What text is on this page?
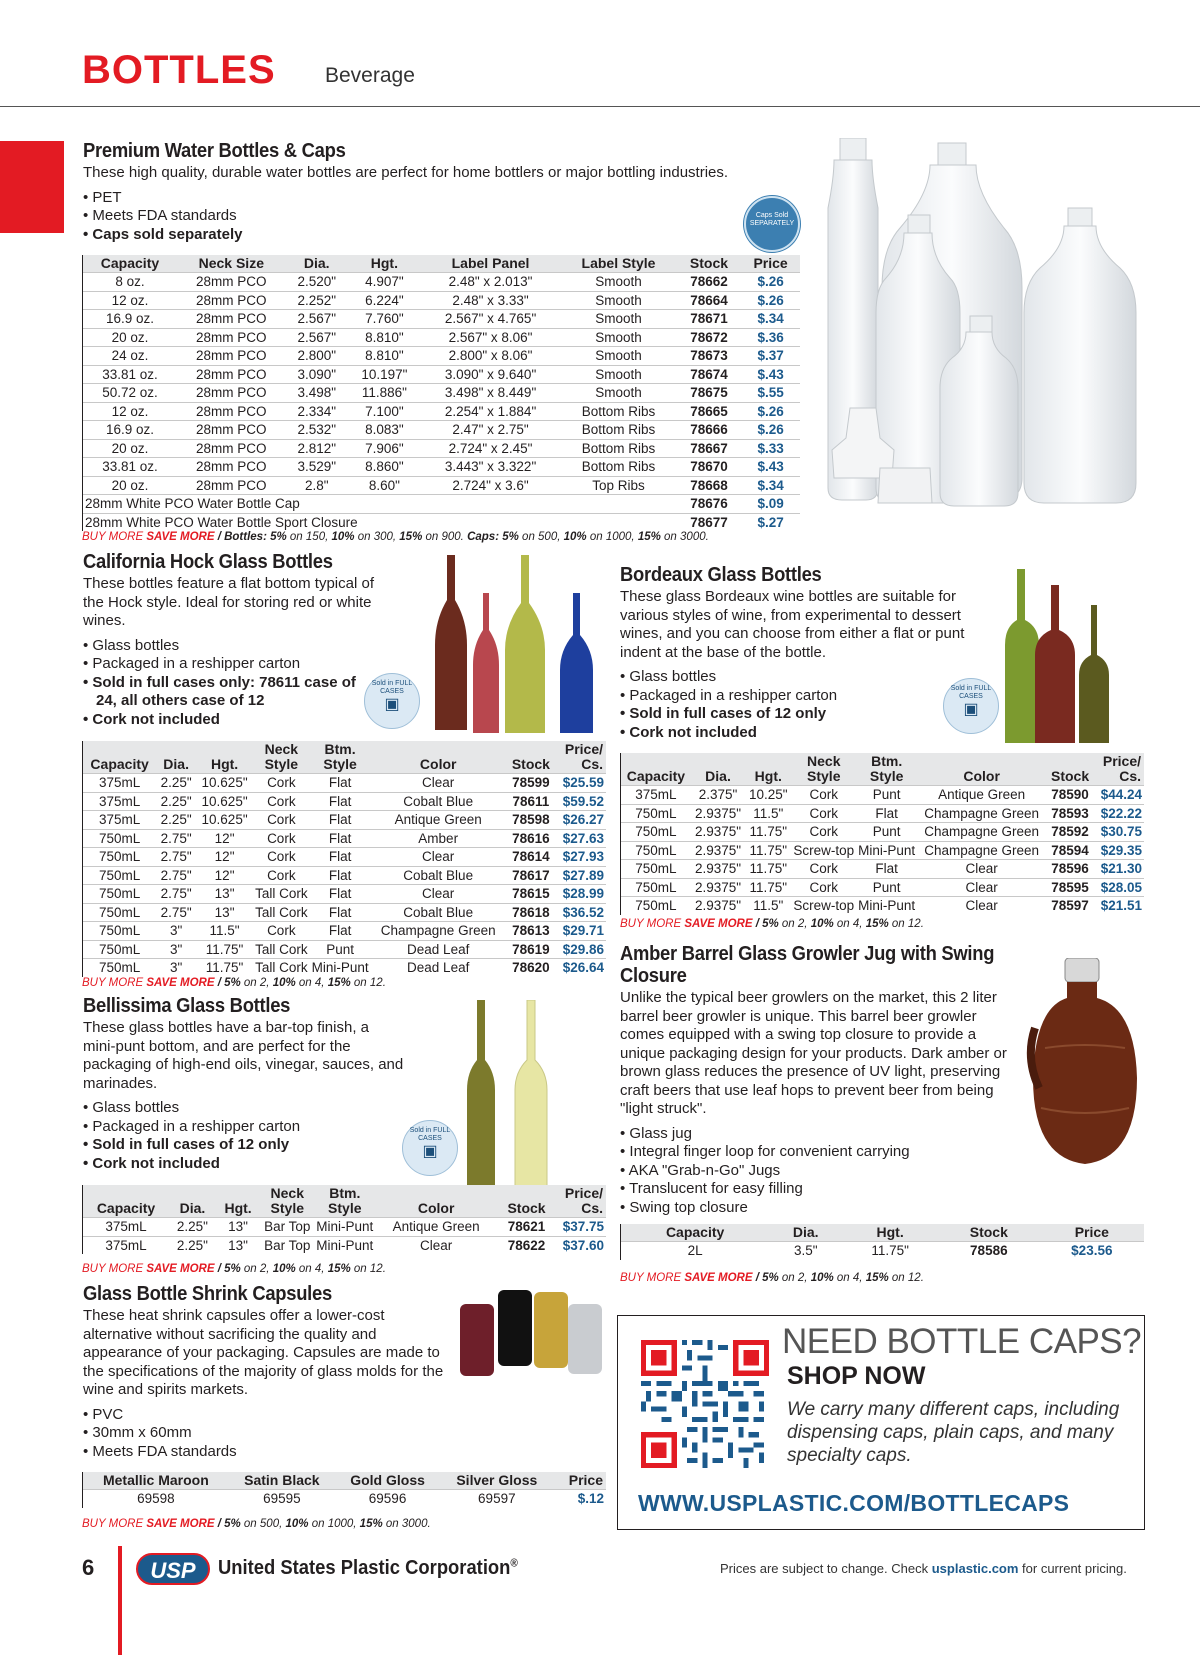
BOTTLES Beverage
Premium Water Bottles & Caps

These high quality, durable water bottles are perfect for home bottlers or major bottling industries.

• PET
• Meets FDA standards
• Caps sold separately
Caps Sold SEPARATELY
Capacity	Neck Size	Dia.	Hgt.	Label Panel	Label Style	Stock	Price
8 oz.	28mm PCO	2.520"	4.907"	2.48" x 2.013"	Smooth	78662	$.26
12 oz.	28mm PCO	2.252"	6.224"	2.48" x 3.33"	Smooth	78664	$.26
16.9 oz.	28mm PCO	2.567"	7.760"	2.567" x 4.765"	Smooth	78671	$.34
20 oz.	28mm PCO	2.567"	8.810"	2.567" x 8.06"	Smooth	78672	$.36
24 oz.	28mm PCO	2.800"	8.810"	2.800" x 8.06"	Smooth	78673	$.37
33.81 oz.	28mm PCO	3.090"	10.197"	3.090" x 9.640"	Smooth	78674	$.43
50.72 oz.	28mm PCO	3.498"	11.886"	3.498" x 8.449"	Smooth	78675	$.55
12 oz.	28mm PCO	2.334"	7.100"	2.254" x 1.884"	Bottom Ribs	78665	$.26
16.9 oz.	28mm PCO	2.532"	8.083"	2.47" x 2.75"	Bottom Ribs	78666	$.26
20 oz.	28mm PCO	2.812"	7.906"	2.724" x 2.45"	Bottom Ribs	78667	$.33
33.81 oz.	28mm PCO	3.529"	8.860"	3.443" x 3.322"	Bottom Ribs	78670	$.43
20 oz.	28mm PCO	2.8"	8.60"	2.724" x 3.6"	Top Ribs	78668	$.34
28mm White PCO Water Bottle Cap						78676	$.09
28mm White PCO Water Bottle Sport Closure						78677	$.27
BUY MORE SAVE MORE / Bottles: 5% on 150, 10% on 300, 15% on 900. Caps: 5% on 500, 10% on 1000, 15% on 3000.
California Hock Glass Bottles

These bottles feature a flat bottom typical of the Hock style. Ideal for storing red or white wines.

• Glass bottles
• Packaged in a reshipper carton
• Sold in full cases only: 78611 case of 24, all others case of 12
• Cork not included
Sold in FULL CASES
▣
Capacity	Dia.	Hgt.	Neck Style	Btm. Style	Color	Stock	Price/ Cs.
375mL	2.25"	10.625"	Cork	Flat	Clear	78599	$25.59
375mL	2.25"	10.625"	Cork	Flat	Cobalt Blue	78611	$59.52
375mL	2.25"	10.625"	Cork	Flat	Antique Green	78598	$26.27
750mL	2.75"	12"	Cork	Flat	Amber	78616	$27.63
750mL	2.75"	12"	Cork	Flat	Clear	78614	$27.93
750mL	2.75"	12"	Cork	Flat	Cobalt Blue	78617	$27.89
750mL	2.75"	13"	Tall Cork	Flat	Clear	78615	$28.99
750mL	2.75"	13"	Tall Cork	Flat	Cobalt Blue	78618	$36.52
750mL	3"	11.5"	Cork	Flat	Champagne Green	78613	$29.71
750mL	3"	11.75"	Tall Cork	Punt	Dead Leaf	78619	$29.86
750mL	3"	11.75"	Tall Cork	Mini-Punt	Dead Leaf	78620	$26.64
BUY MORE SAVE MORE / 5% on 2, 10% on 4, 15% on 12.
Bordeaux Glass Bottles

These glass Bordeaux wine bottles are suitable for various styles of wine, from experimental to dessert wines, and you can choose from either a flat or punt indent at the base of the bottle.

• Glass bottles
• Packaged in a reshipper carton
• Sold in full cases of 12 only
• Cork not included
Sold in FULL CASES
▣
Capacity	Dia.	Hgt.	Neck Style	Btm. Style	Color	Stock	Price/ Cs.
375mL	2.375"	10.25"	Cork	Punt	Antique Green	78590	$44.24
750mL	2.9375"	11.5"	Cork	Flat	Champagne Green	78593	$22.22
750mL	2.9375"	11.75"	Cork	Punt	Champagne Green	78592	$30.75
750mL	2.9375"	11.75"	Screw-top	Mini-Punt	Champagne Green	78594	$29.35
750mL	2.9375"	11.75"	Cork	Flat	Clear	78596	$21.30
750mL	2.9375"	11.75"	Cork	Punt	Clear	78595	$28.05
750mL	2.9375"	11.5"	Screw-top	Mini-Punt	Clear	78597	$21.51
BUY MORE SAVE MORE / 5% on 2, 10% on 4, 15% on 12.
Amber Barrel Glass Growler Jug with Swing Closure

Unlike the typical beer growlers on the market, this 2 liter barrel beer growler is unique. This barrel beer growler comes equipped with a swing top closure to provide a unique packaging design for your products. Dark amber or brown glass reduces the presence of UV light, preserving craft beers that use leaf hops to prevent beer from being "light struck".

• Glass jug
• Integral finger loop for convenient carrying
• AKA "Grab-n-Go" Jugs
• Translucent for easy filling
• Swing top closure
Capacity	Dia.	Hgt.	Stock	Price
2L	3.5"	11.75"	78586	$23.56
BUY MORE SAVE MORE / 5% on 2, 10% on 4, 15% on 12.
Bellissima Glass Bottles

These glass bottles have a bar-top finish, a mini-punt bottom, and are perfect for the packaging of high-end oils, vinegar, sauces, and marinades.

• Glass bottles
• Packaged in a reshipper carton
• Sold in full cases of 12 only
• Cork not included
Sold in FULL CASES
▣
Capacity	Dia.	Hgt.	Neck Style	Btm. Style	Color	Stock	Price/ Cs.
375mL	2.25"	13"	Bar Top	Mini-Punt	Antique Green	78621	$37.75
375mL	2.25"	13"	Bar Top	Mini-Punt	Clear	78622	$37.60
BUY MORE SAVE MORE / 5% on 2, 10% on 4, 15% on 12.
Glass Bottle Shrink Capsules

These heat shrink capsules offer a lower-cost alternative without sacrificing the quality and appearance of your packaging. Capsules are made to the specifications of the majority of glass molds for the wine and spirits markets.

• PVC
• 30mm x 60mm
• Meets FDA standards
Metallic Maroon	Satin Black	Gold Gloss	Silver Gloss	Price
69598	69595	69596	69597	$.12
BUY MORE SAVE MORE / 5% on 500, 10% on 1000, 15% on 3000.
NEED BOTTLE CAPS?
SHOP NOW
We carry many different caps, including dispensing caps, plain caps, and many specialty caps.
WWW.USPLASTIC.COM/BOTTLECAPS
6	USP	United States Plastic Corporation®	Prices are subject to change. Check usplastic.com for current pricing.
